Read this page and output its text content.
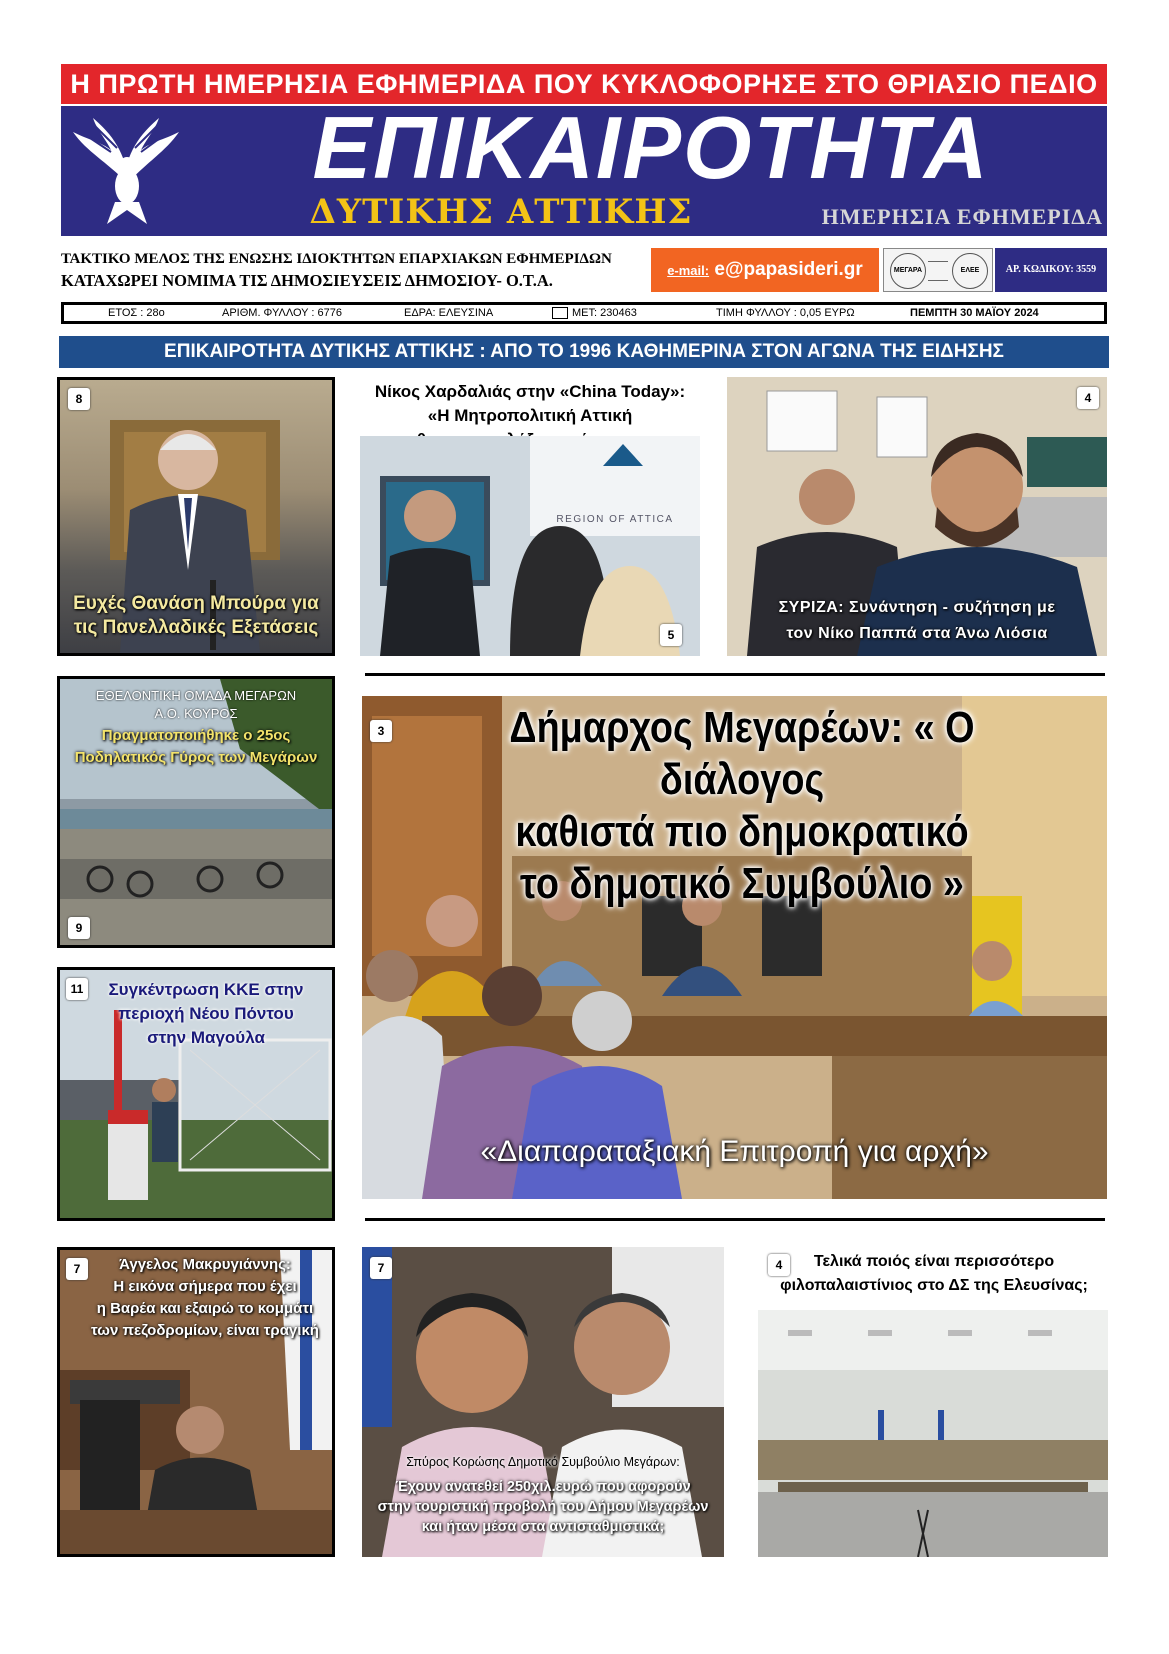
Η ΠΡΩΤΗ ΗΜΕΡΗΣΙΑ ΕΦΗΜΕΡΙΔΑ ΠΟΥ ΚΥΚΛΟΦΟΡΗΣΕ ΣΤΟ ΘΡΙΑΣΙΟ ΠΕΔΙΟ
ΕΠΙΚΑΙΡΟΤΗΤΑ
ΔΥΤΙΚΗΣ ΑΤΤΙΚΗΣ	ΗΜΕΡΗΣΙΑ ΕΦΗΜΕΡΙΔΑ
ΤΑΚΤΙΚΟ ΜΕΛΟΣ ΤΗΣ ΕΝΩΣΗΣ ΙΔΙΟΚΤΗΤΩΝ ΕΠΑΡΧΙΑΚΩΝ ΕΦΗΜΕΡΙΔΩΝ
ΚΑΤΑΧΩΡΕΙ ΝΟΜΙΜΑ ΤΙΣ ΔΗΜΟΣΙΕΥΣΕΙΣ ΔΗΜΟΣΙΟΥ- Ο.Τ.Α.
e-mail: e@papasideri.gr	ΜΕΓΑΡΑ	ΕΛΕΕ	ΑΡ. ΚΩΔΙΚΟΥ: 3559
ΕΤΟΣ : 28ο	ΑΡΙΘΜ. ΦΥΛΛΟΥ : 6776	ΕΔΡΑ: ΕΛΕΥΣΙΝΑ	ΜΕΤ: 230463	ΤΙΜΗ ΦΥΛΛΟΥ : 0,05 ΕΥΡΩ	ΠΕΜΠΤΗ 30 ΜΑΪΟΥ 2024
ΕΠΙΚΑΙΡΟΤΗΤΑ ΔΥΤΙΚΗΣ ΑΤΤΙΚΗΣ : ΑΠΟ ΤΟ 1996 ΚΑΘΗΜΕΡΙΝΑ ΣΤΟΝ ΑΓΩΝΑ ΤΗΣ ΕΙΔΗΣΗΣ
8
Ευχές Θανάση Μπούρα για
τις Πανελλαδικές Εξετάσεις
Νίκος Χαρδαλιάς στην «China Today»:
«Η Μητροπολιτική Αττική
REGION OF ATTICA
5
4
ΣΥΡΙΖΑ: Συνάντηση - συζήτηση με
τον Νίκο Παππά στα Άνω Λιόσια
ΕΘΕΛΟΝΤΙΚΗ ΟΜΑΔΑ ΜΕΓΑΡΩΝ
Α.Ο. ΚΟΥΡΟΣ
Πραγματοποιήθηκε ο 25ος
Ποδηλατικός Γύρος των Μεγάρων
9
11	Συγκέντρωση ΚΚΕ στην
περιοχή Νέου Πόντου
στην Μαγούλα
3	Δήμαρχος Μεγαρέων: « Ο διάλογος
καθιστά πιο δημοκρατικό
το δημοτικό Συμβούλιο »
«Διαπαραταξιακή Επιτροπή για αρχή»
7	Άγγελος Μακρυγιάννης:
Η εικόνα σήμερα που έχει
η Βαρέα και εξαιρώ το κομμάτι
των πεζοδρομίων, είναι τραγική
7
Σπύρος Κορώσης Δημοτικό Συμβούλιο Μεγάρων:
Έχουν ανατεθεί 250χιλ.ευρώ που αφορούν
στην τουριστική προβολή του Δήμου Μεγαρέων
και ήταν μέσα στα αντισταθμιστικά;
4	Τελικά ποιός είναι περισσότερο
φιλοπαλαιστίνιος στο ΔΣ της Ελευσίνας;
